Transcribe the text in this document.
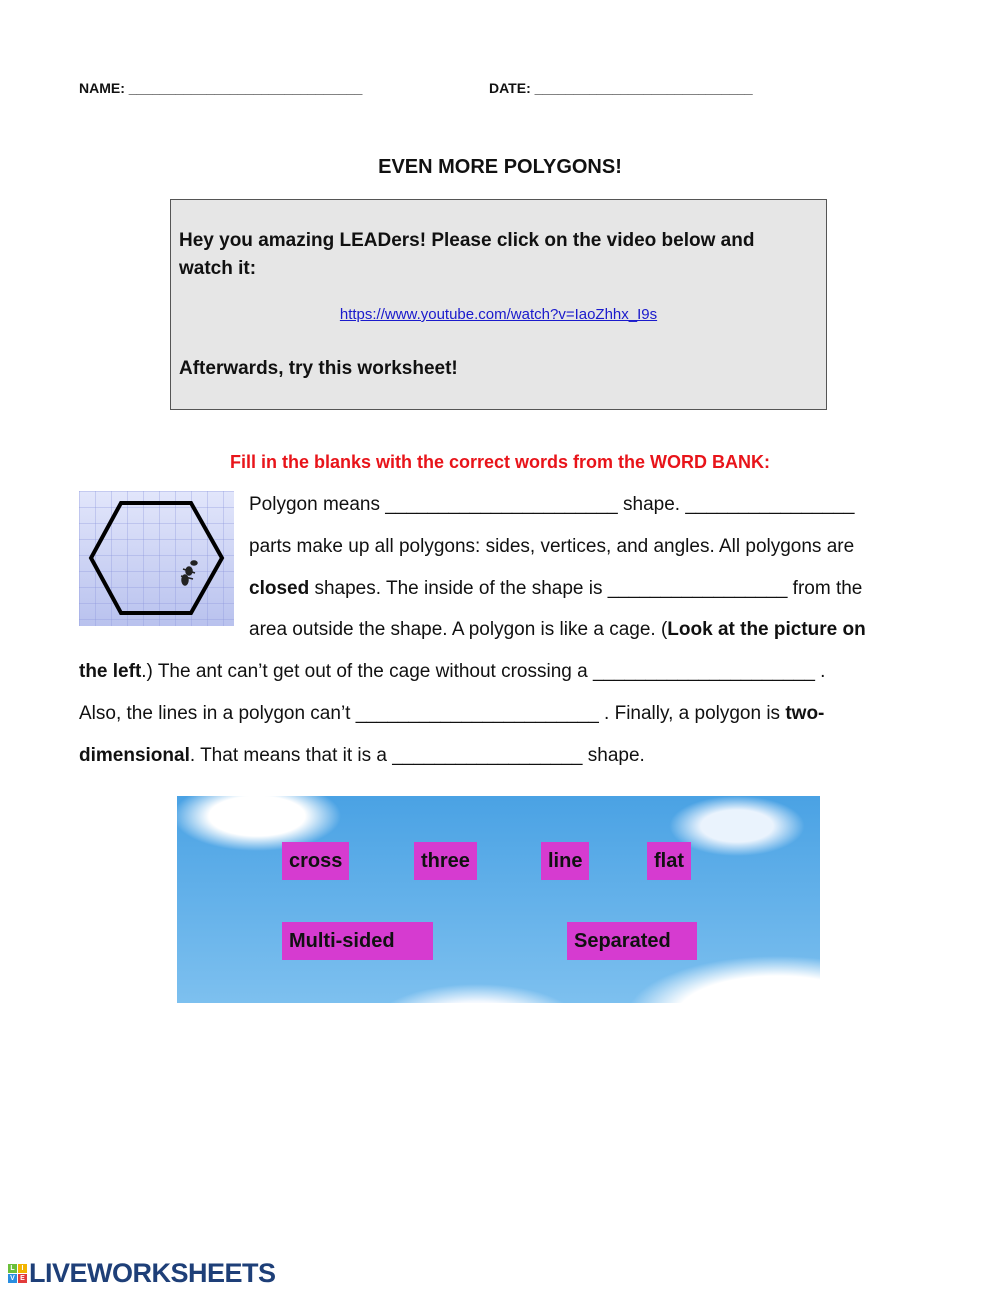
NAME: ______________________________	DATE: ____________________________
EVEN MORE POLYGONS!
Hey you amazing LEADers! Please click on the video below and
watch it:
https://www.youtube.com/watch?v=IaoZhhx_I9s
Afterwards, try this worksheet!
Fill in the blanks with the correct words from the WORD BANK:
Polygon means ______________________ shape. ________________
parts make up all polygons: sides, vertices, and angles. All polygons are
closed shapes. The inside of the shape is _________________ from the
area outside the shape. A polygon is like a cage. (Look at the picture on
the left.) The ant can’t get out of the cage without crossing a _____________________ .
Also, the lines in a polygon can’t _______________________ . Finally, a polygon is two-
dimensional. That means that it is a __________________ shape.
cross	three	line	flat
Multi-sided	Separated
L I
V E LIVEWORKSHEETS
